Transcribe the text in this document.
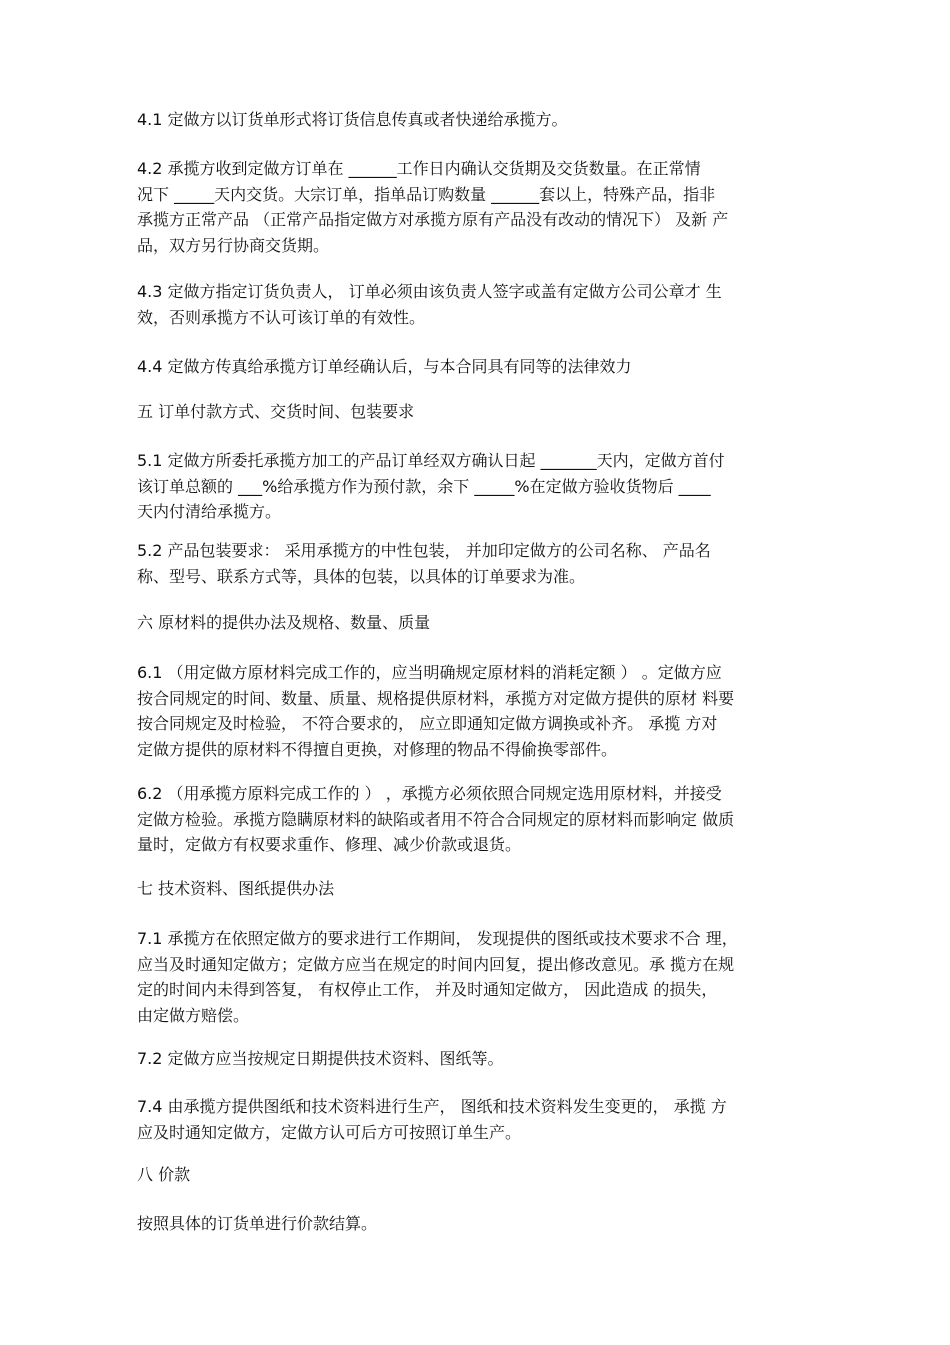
4.1 定做方以订货单形式将订货信息传真或者快递给承揽方。
4.2 承揽方收到定做方订单在 ______工作日内确认交货期及交货数量。在正常情
况下 _____天内交货。大宗订单，指单品订购数量 ______套以上，特殊产品，指非
承揽方正常产品 （正常产品指定做方对承揽方原有产品没有改动的情况下） 及新 产
品，双方另行协商交货期。
4.3 定做方指定订货负责人， 订单必须由该负责人签字或盖有定做方公司公章才 生
效，否则承揽方不认可该订单的有效性。
4.4 定做方传真给承揽方订单经确认后，与本合同具有同等的法律效力
五 订单付款方式、交货时间、包装要求
5.1 定做方所委托承揽方加工的产品订单经双方确认日起 _______天内，定做方首付
该订单总额的 ___%给承揽方作为预付款，余下 _____%在定做方验收货物后 ____
天内付清给承揽方。
5.2 产品包装要求： 采用承揽方的中性包装， 并加印定做方的公司名称、 产品名
称、型号、联系方式等，具体的包装，以具体的订单要求为准。
六 原材料的提供办法及规格、数量、质量
6.1 （用定做方原材料完成工作的，应当明确规定原材料的消耗定额 ） 。定做方应
按合同规定的时间、数量、质量、规格提供原材料，承揽方对定做方提供的原材 料要
按合同规定及时检验， 不符合要求的， 应立即通知定做方调换或补齐。 承揽 方对
定做方提供的原材料不得擅自更换，对修理的物品不得偷换零部件。
6.2 （用承揽方原料完成工作的 ） ，承揽方必须依照合同规定选用原材料，并接受
定做方检验。承揽方隐瞒原材料的缺陷或者用不符合合同规定的原材料而影响定 做质
量时，定做方有权要求重作、修理、减少价款或退货。
七 技术资料、图纸提供办法
7.1 承揽方在依照定做方的要求进行工作期间， 发现提供的图纸或技术要求不合 理，
应当及时通知定做方；定做方应当在规定的时间内回复，提出修改意见。承 揽方在规
定的时间内未得到答复， 有权停止工作， 并及时通知定做方， 因此造成 的损失，
由定做方赔偿。
7.2 定做方应当按规定日期提供技术资料、图纸等。
7.4 由承揽方提供图纸和技术资料进行生产， 图纸和技术资料发生变更的， 承揽 方
应及时通知定做方，定做方认可后方可按照订单生产。
八 价款
按照具体的订货单进行价款结算。
